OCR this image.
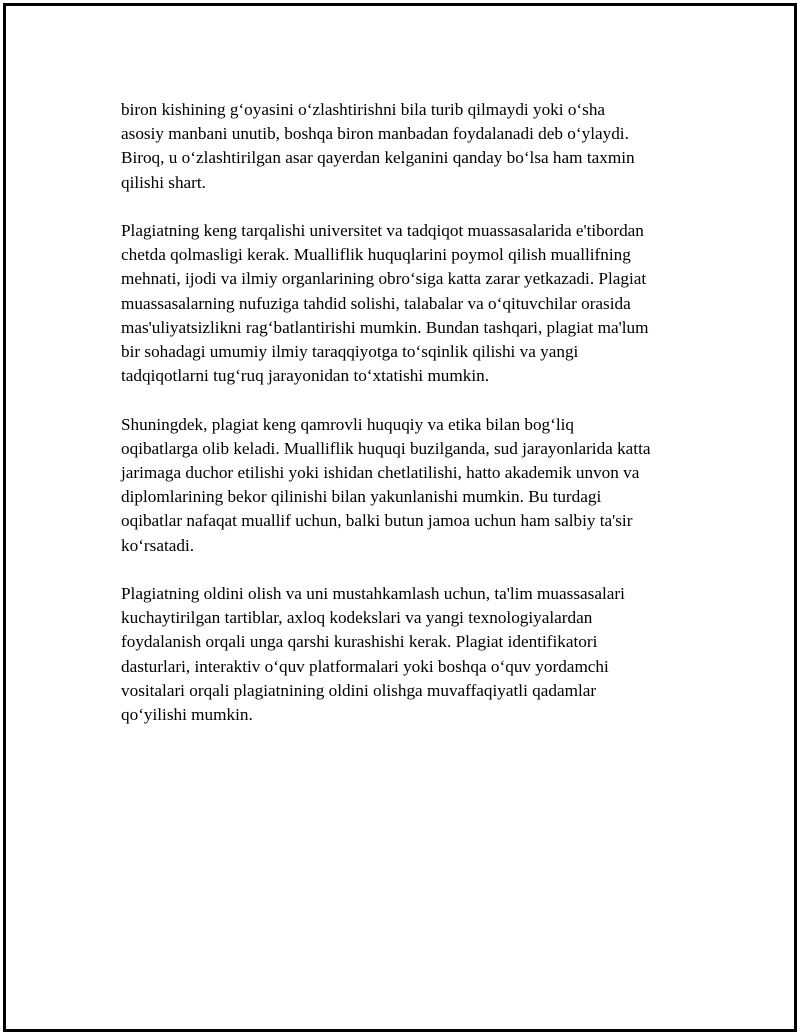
biron kishining g‘oyasini o‘zlashtirishni bila turib qilmaydi yoki o‘sha
asosiy manbani unutib, boshqa biron manbadan foydalanadi deb o‘ylaydi.
Biroq, u o‘zlashtirilgan asar qayerdan kelganini qanday bo‘lsa ham taxmin
qilishi shart.

Plagiatning keng tarqalishi universitet va tadqiqot muassasalarida e'tibordan
chetda qolmasligi kerak. Mualliflik huquqlarini poymol qilish muallifning
mehnati, ijodi va ilmiy organlarining obro‘siga katta zarar yetkazadi. Plagiat
muassasalarning nufuziga tahdid solishi, talabalar va o‘qituvchilar orasida
mas'uliyatsizlikni rag‘batlantirishi mumkin. Bundan tashqari, plagiat ma'lum
bir sohadagi umumiy ilmiy taraqqiyotga to‘sqinlik qilishi va yangi
tadqiqotlarni tug‘ruq jarayonidan to‘xtatishi mumkin.

Shuningdek, plagiat keng qamrovli huquqiy va etika bilan bog‘liq
oqibatlarga olib keladi. Mualliflik huquqi buzilganda, sud jarayonlarida katta
jarimaga duchor etilishi yoki ishidan chetlatilishi, hatto akademik unvon va
diplomlarining bekor qilinishi bilan yakunlanishi mumkin. Bu turdagi
oqibatlar nafaqat muallif uchun, balki butun jamoa uchun ham salbiy ta'sir
ko‘rsatadi.

Plagiatning oldini olish va uni mustahkamlash uchun, ta'lim muassasalari
kuchaytirilgan tartiblar, axloq kodekslari va yangi texnologiyalardan
foydalanish orqali unga qarshi kurashishi kerak. Plagiat identifikatori
dasturlari, interaktiv o‘quv platformalari yoki boshqa o‘quv yordamchi
vositalari orqali plagiatnining oldini olishga muvaffaqiyatli qadamlar
qo‘yilishi mumkin.
